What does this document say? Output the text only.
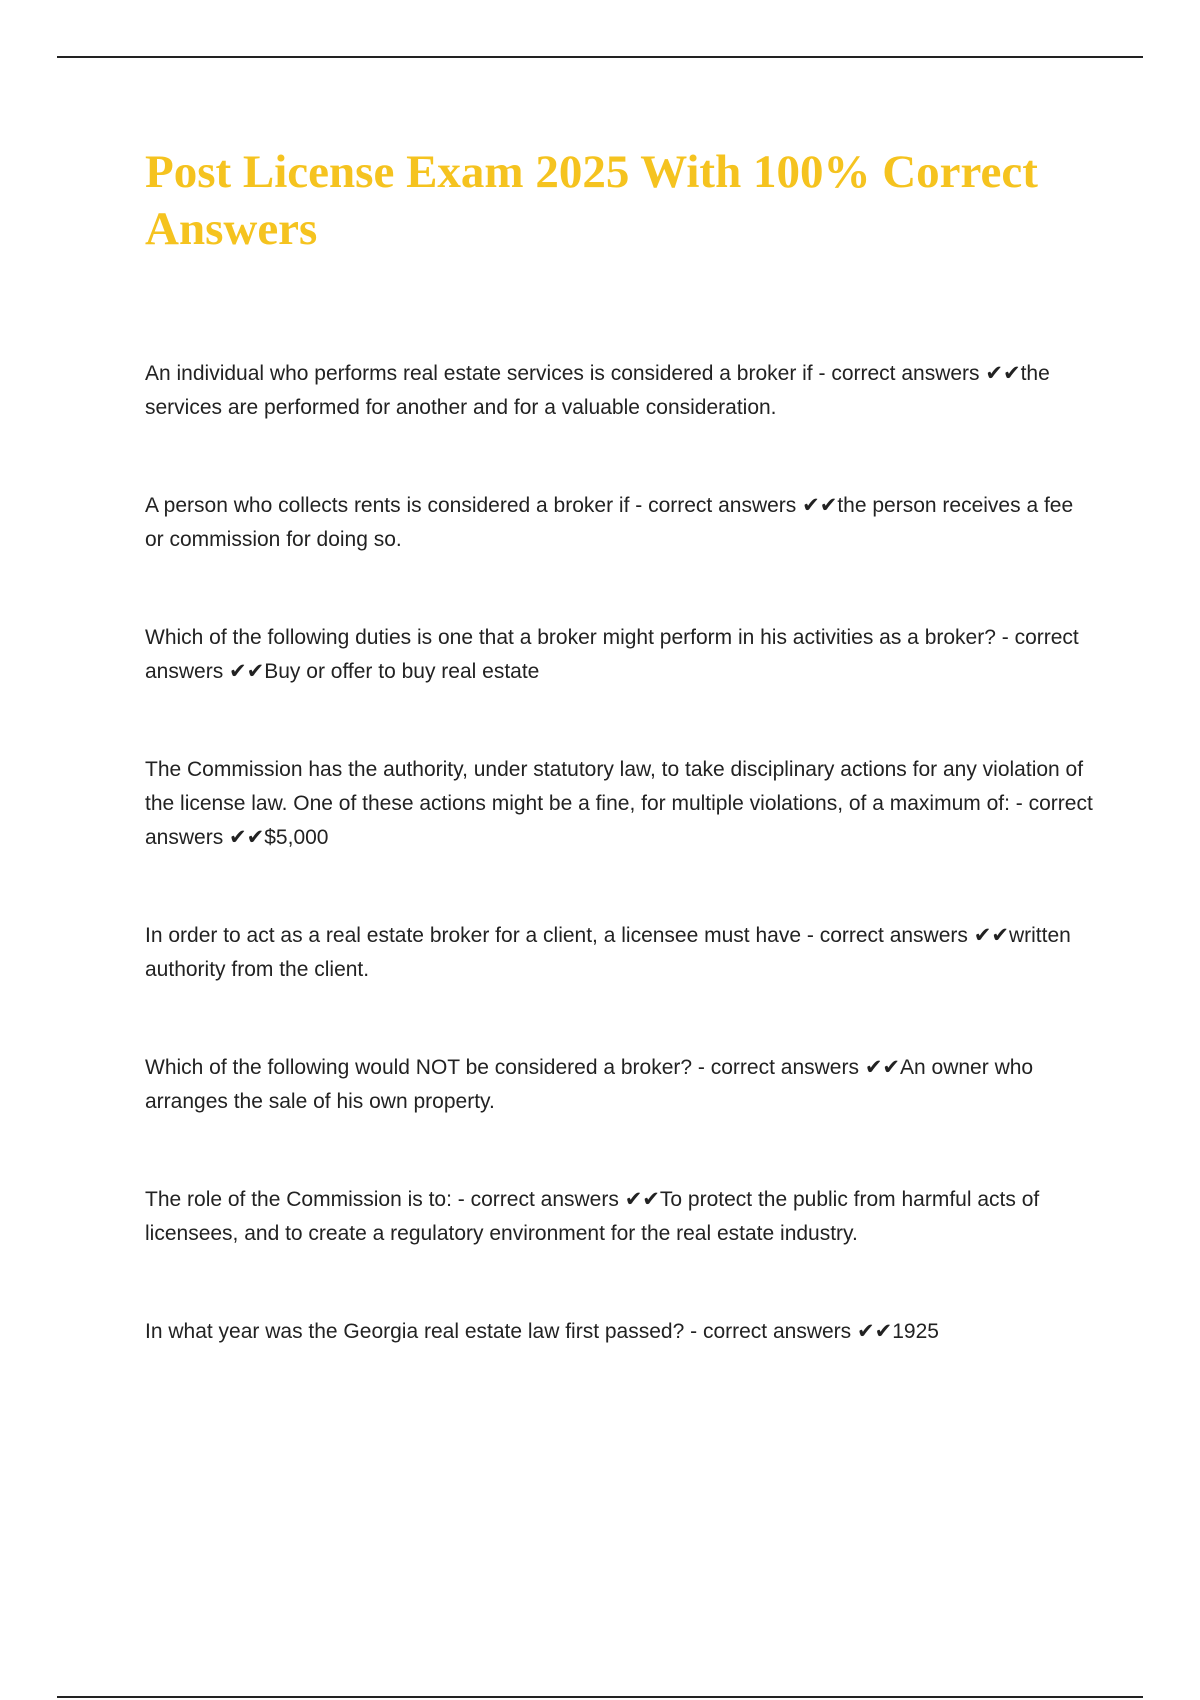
Post License Exam 2025 With 100% Correct Answers

An individual who performs real estate services is considered a broker if - correct answers ✔✔the services are performed for another and for a valuable consideration.

A person who collects rents is considered a broker if - correct answers ✔✔the person receives a fee or commission for doing so.

Which of the following duties is one that a broker might perform in his activities as a broker? - correct answers ✔✔Buy or offer to buy real estate

The Commission has the authority, under statutory law, to take disciplinary actions for any violation of the license law. One of these actions might be a fine, for multiple violations, of a maximum of: - correct answers ✔✔$5,000

In order to act as a real estate broker for a client, a licensee must have - correct answers ✔✔written authority from the client.

Which of the following would NOT be considered a broker? - correct answers ✔✔An owner who arranges the sale of his own property.

The role of the Commission is to: - correct answers ✔✔To protect the public from harmful acts of licensees, and to create a regulatory environment for the real estate industry.

In what year was the Georgia real estate law first passed? - correct answers ✔✔1925
